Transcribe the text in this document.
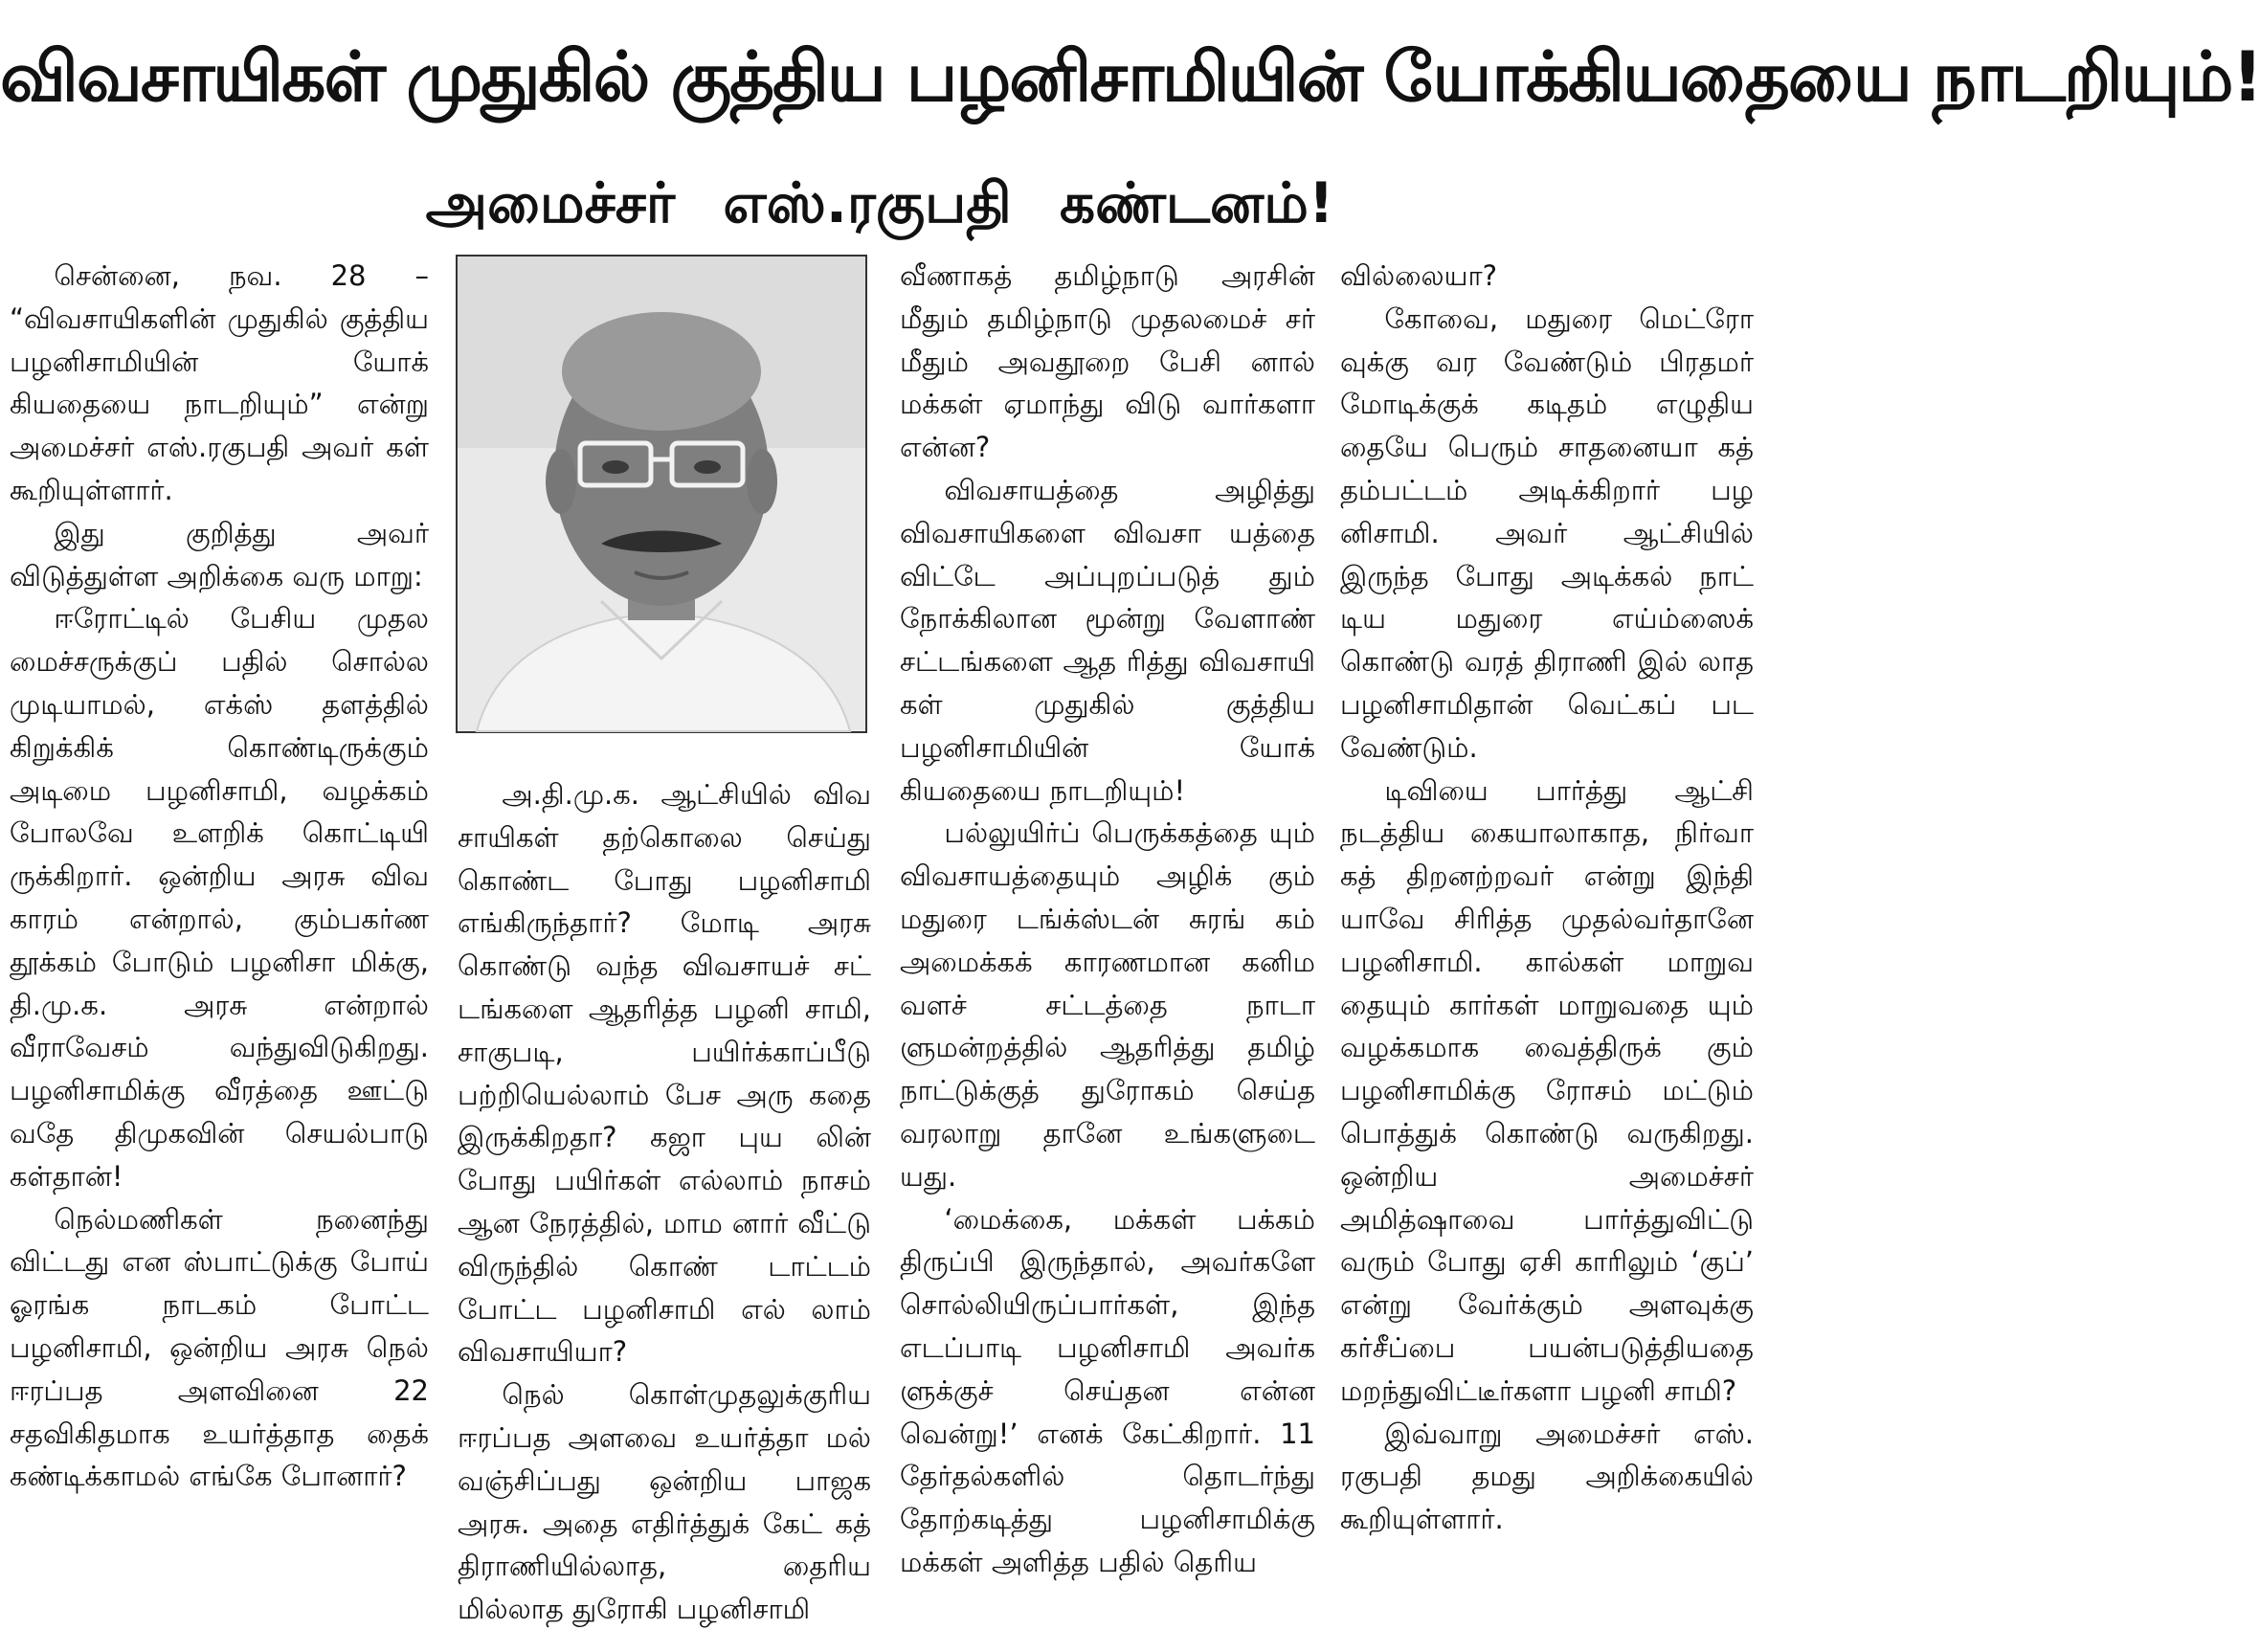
விவசாயிகள் முதுகில் குத்திய பழனிசாமியின் யோக்கியதையை நாடறியும்!
அமைச்சர் எஸ்.ரகுபதி கண்டனம்!

சென்னை, நவ. 28 – “விவசாயிகளின் முதுகில் குத்திய பழனிசாமியின் யோக் கியதையை நாடறியும்” என்று அமைச்சர் எஸ்.ரகுபதி அவர் கள் கூறியுள்ளார்.

இது குறித்து அவர் விடுத்துள்ள அறிக்கை வரு மாறு:

ஈரோட்டில் பேசிய முதல மைச்சருக்குப் பதில் சொல்ல முடியாமல், எக்ஸ் தளத்தில் கிறுக்கிக் கொண்டிருக்கும் அடிமை பழனிசாமி, வழக்கம் போலவே உளறிக் கொட்டியி ருக்கிறார். ஒன்றிய அரசு விவ காரம் என்றால், கும்பகர்ண தூக்கம் போடும் பழனிசா மிக்கு, தி.மு.க. அரசு என்றால் வீராவேசம் வந்துவிடுகிறது. பழனிசாமிக்கு வீரத்தை ஊட்டு வதே திமுகவின் செயல்பாடு கள்தான்!

நெல்மணிகள் நனைந்து விட்டது என ஸ்பாட்டுக்கு போய் ஓரங்க நாடகம் போட்ட பழனிசாமி, ஒன்றிய அரசு நெல் ஈரப்பத அளவினை 22 சதவிகிதமாக உயர்த்தாத தைக் கண்டிக்காமல் எங்கே போனார்?

அ.தி.மு.க. ஆட்சியில் விவ சாயிகள் தற்கொலை செய்து கொண்ட போது பழனிசாமி எங்கிருந்தார்? மோடி அரசு கொண்டு வந்த விவசாயச் சட் டங்களை ஆதரித்த பழனி சாமி, சாகுபடி, பயிர்க்காப்பீடு பற்றியெல்லாம் பேச அரு கதை இருக்கிறதா? கஜா புய லின் போது பயிர்கள் எல்லாம் நாசம் ஆன நேரத்தில், மாம னார் வீட்டு விருந்தில் கொண் டாட்டம் போட்ட பழனிசாமி எல் லாம் விவசாயியா?

நெல் கொள்முதலுக்குரிய ஈரப்பத அளவை உயர்த்தா மல் வஞ்சிப்பது ஒன்றிய பாஜக அரசு. அதை எதிர்த்துக் கேட் கத் திராணியில்லாத, தைரிய மில்லாத துரோகி பழனிசாமி

வீணாகத் தமிழ்நாடு அரசின் மீதும் தமிழ்நாடு முதலமைச் சர் மீதும் அவதூறை பேசி னால் மக்கள் ஏமாந்து விடு வார்களா என்ன?

விவசாயத்தை அழித்து விவசாயிகளை விவசா யத்தை விட்டே அப்புறப்படுத் தும் நோக்கிலான மூன்று வேளாண் சட்டங்களை ஆத ரித்து விவசாயி கள் முதுகில் குத்திய பழனிசாமியின் யோக் கியதையை நாடறியும்!

பல்லுயிர்ப் பெருக்கத்தை யும் விவசாயத்தையும் அழிக் கும் மதுரை டங்க்ஸ்டன் சுரங் கம் அமைக்கக் காரணமான கனிம வளச் சட்டத்தை நாடா ளுமன்றத்தில் ஆதரித்து தமிழ் நாட்டுக்குத் துரோகம் செய்த வரலாறு தானே உங்களுடை யது.

‘மைக்கை, மக்கள் பக்கம் திருப்பி இருந்தால், அவர்களே சொல்லியிருப்பார்கள், இந்த எடப்பாடி பழனிசாமி அவர்க ளுக்குச் செய்தன என்ன வென்று!’ எனக் கேட்கிறார். 11 தேர்தல்களில் தொடர்ந்து தோற்கடித்து பழனிசாமிக்கு மக்கள் அளித்த பதில் தெரிய

வில்லையா?

கோவை, மதுரை மெட்ரோ வுக்கு வர வேண்டும் பிரதமர் மோடிக்குக் கடிதம் எழுதிய தையே பெரும் சாதனையா கத் தம்பட்டம் அடிக்கிறார் பழ னிசாமி. அவர் ஆட்சியில் இருந்த போது அடிக்கல் நாட் டிய மதுரை எய்ம்ஸைக் கொண்டு வரத் திராணி இல் லாத பழனிசாமிதான் வெட்கப் பட வேண்டும்.

டிவியை பார்த்து ஆட்சி நடத்திய கையாலாகாத, நிர்வா கத் திறனற்றவர் என்று இந்தி யாவே சிரித்த முதல்வர்தானே பழனிசாமி. கால்கள் மாறுவ தையும் கார்கள் மாறுவதை யும் வழக்கமாக வைத்திருக் கும் பழனிசாமிக்கு ரோசம் மட்டும் பொத்துக் கொண்டு வருகிறது. ஒன்றிய அமைச்சர் அமித்ஷாவை பார்த்துவிட்டு வரும் போது ஏசி காரிலும் ‘குப்’ என்று வேர்க்கும் அளவுக்கு கர்சீப்பை பயன்படுத்தியதை மறந்துவிட்டீர்களா பழனி சாமி?

இவ்வாறு அமைச்சர் எஸ். ரகுபதி தமது அறிக்கையில் கூறியுள்ளார்.
